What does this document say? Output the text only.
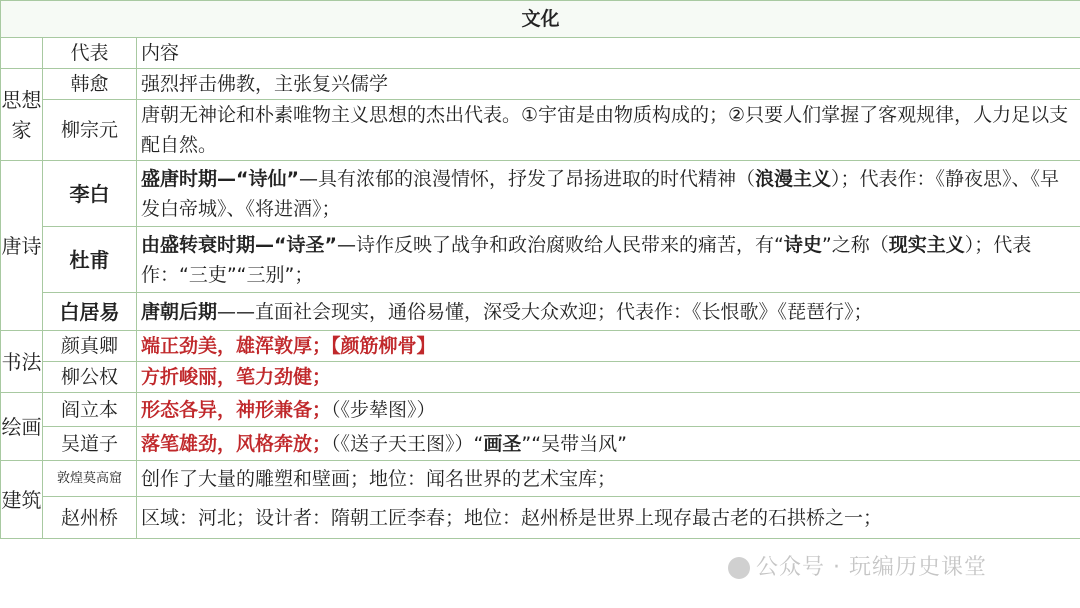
文化		
	代表	内容
思想家	韩愈	强烈抨击佛教，主张复兴儒学
	柳宗元	唐朝无神论和朴素唯物主义思想的杰出代表。①宇宙是由物质构成的；②只要人们掌握了客观规律，人力足以支配自然。
唐诗	李白	盛唐时期—“诗仙”—具有浓郁的浪漫情怀，抒发了昂扬进取的时代精神（浪漫主义）；代表作：《静夜思》、《早发白帝城》、《将进酒》；
	杜甫	由盛转衰时期—“诗圣”—诗作反映了战争和政治腐败给人民带来的痛苦，有“诗史”之称（现实主义）；代表作：“三吏”“三别”；
	白居易	唐朝后期——直面社会现实，通俗易懂，深受大众欢迎；代表作：《长恨歌》《琵琶行》；
书法	颜真卿	端正劲美，雄浑敦厚；【颜筋柳骨】
	柳公权	方折峻丽，笔力劲健；
绘画	阎立本	形态各异，神形兼备；（《步辇图》）
	吴道子	落笔雄劲，风格奔放；（《送子天王图》）“画圣”“吴带当风”
建筑	敦煌莫高窟	创作了大量的雕塑和壁画；地位：闻名世界的艺术宝库；
	赵州桥	区域：河北；设计者：隋朝工匠李春；地位：赵州桥是世界上现存最古老的石拱桥之一；
公众号 · 玩编历史课堂
